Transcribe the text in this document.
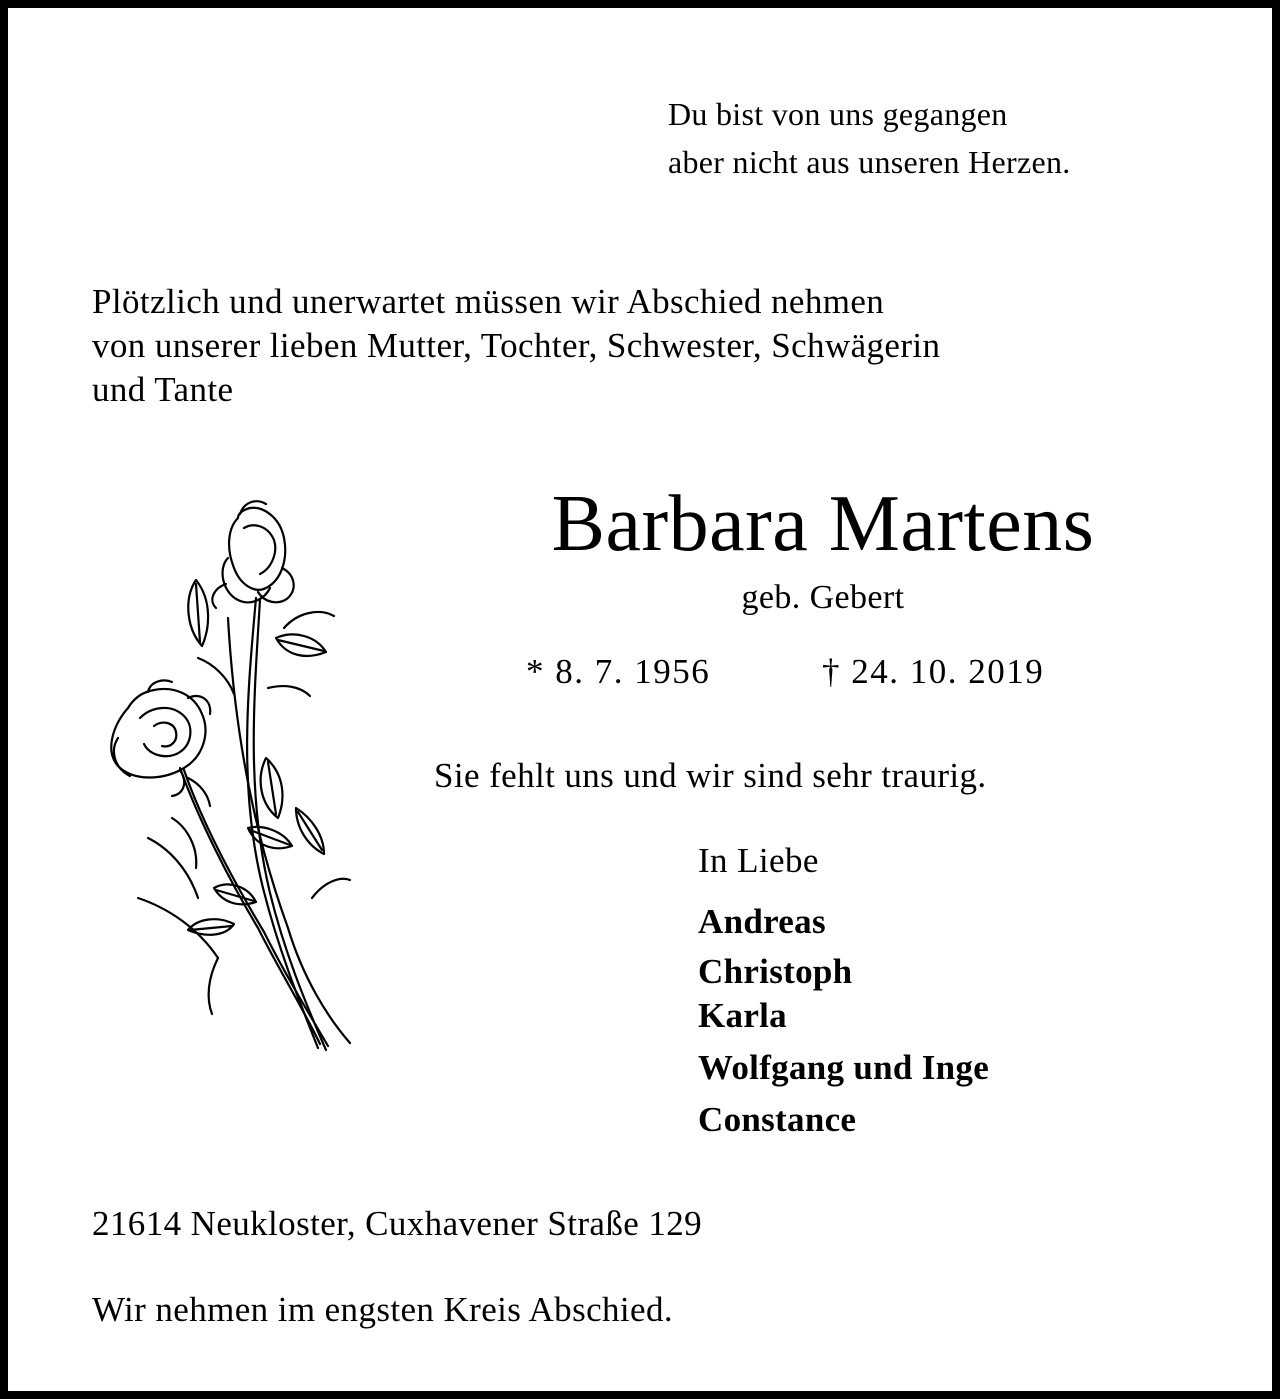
Du bist von uns gegangen
aber nicht aus unseren Herzen.
Plötzlich und unerwartet müssen wir Abschied nehmen
von unserer lieben Mutter, Tochter, Schwester, Schwägerin
und Tante
Barbara Martens
geb. Gebert
* 8. 7. 1956	† 24. 10. 2019
Sie fehlt uns und wir sind sehr traurig.
In Liebe
Andreas
Christoph
Karla
Wolfgang und Inge
Constance
21614 Neukloster, Cuxhavener Straße 129
Wir nehmen im engsten Kreis Abschied.
